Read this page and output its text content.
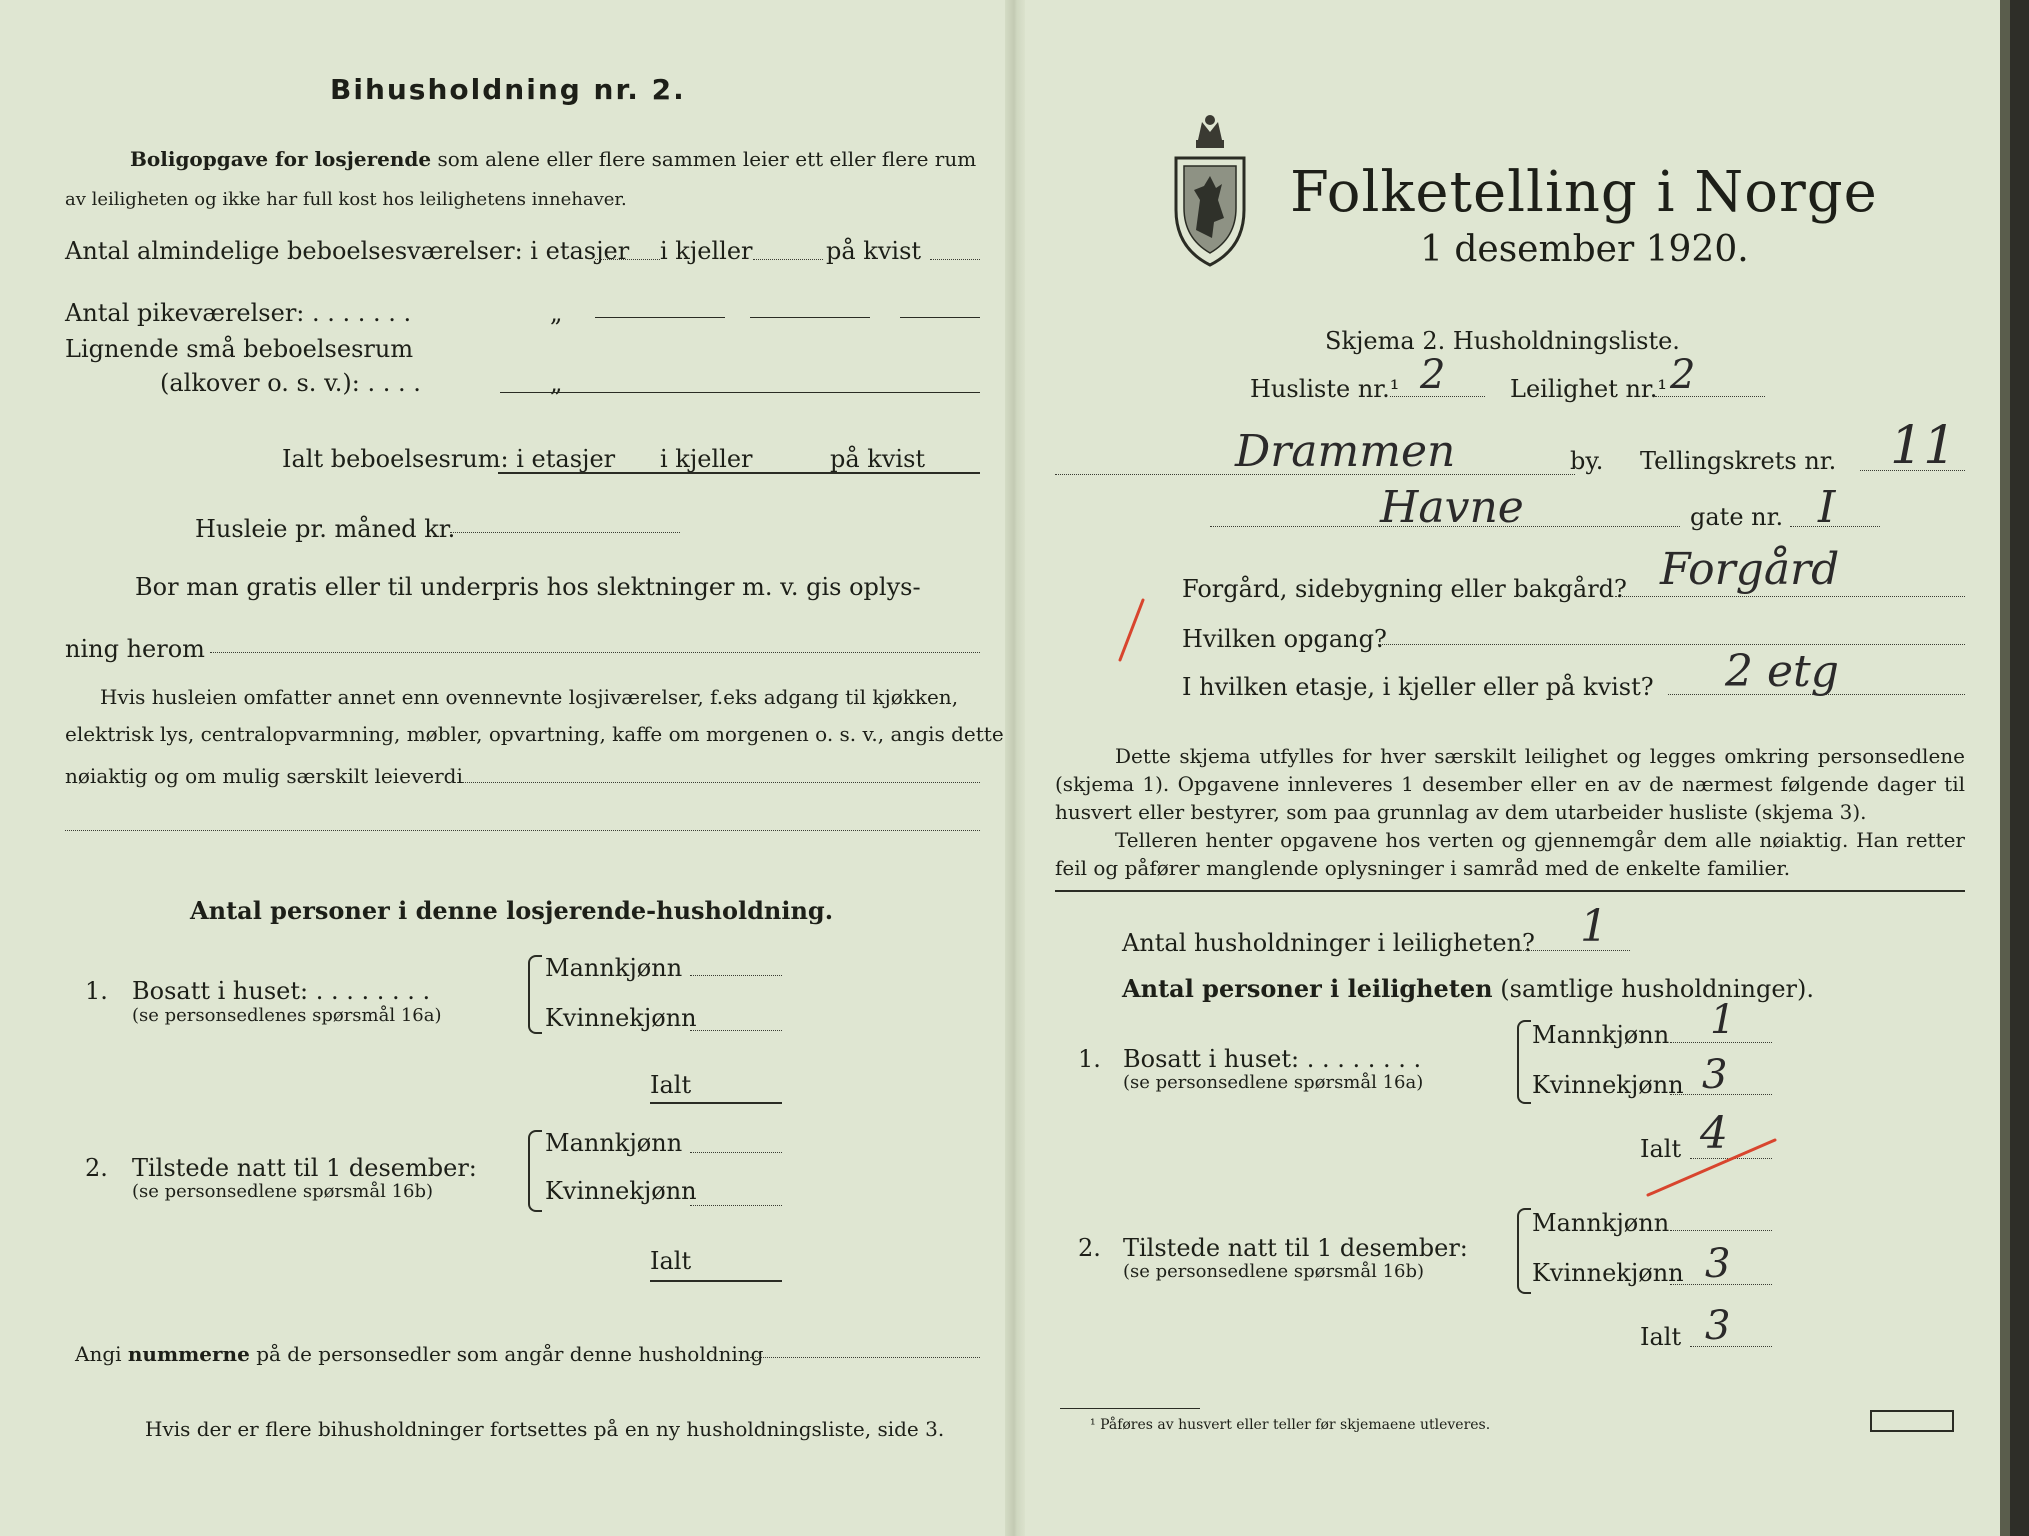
Bihusholdning nr. 2.
Boligopgave for losjerende som alene eller flere sammen leier ett eller flere rum
av leiligheten og ikke har full kost hos leilighetens innehaver.
Antal almindelige beboelsesværelser: i etasjer i kjeller	på kvist
Antal pikeværelser: . . . . . . .	„
Lignende små beboelsesrum
(alkover o. s. v.): . . . .	„
Ialt beboelsesrum: i etasjer i kjeller	på kvist
Husleie pr. måned kr.
Bor man gratis eller til underpris hos slektninger m. v. gis oplys-
ning herom
Hvis husleien omfatter annet enn ovennevnte losjiværelser, f.eks adgang til kjøkken,
elektrisk lys, centralopvarmning, møbler, opvartning, kaffe om morgenen o. s. v., angis dette
nøiaktig og om mulig særskilt leieverdi
Antal personer i denne losjerende-husholdning.
1. Bosatt i huset: . . . . . . . .
(se personsedlenes spørsmål 16a)
Mannkjønn
Kvinnekjønn
Ialt
2. Tilstede natt til 1 desember:
(se personsedlene spørsmål 16b)
Mannkjønn
Kvinnekjønn
Ialt
Angi nummerne på de personsedler som angår denne husholdning
Hvis der er flere bihusholdninger fortsettes på en ny husholdningsliste, side 3.
Folketelling i Norge
1 desember 1920.
Skjema 2. Husholdningsliste.
Husliste nr.¹ 2	Leilighet nr.¹ 2
Drammen	by. Tellingskrets nr. 11
Havne	gate nr. I
Forgård, sidebygning eller bakgård? Forgård
Hvilken opgang?
I hvilken etasje, i kjeller eller på kvist? 2 etg
Dette skjema utfylles for hver særskilt leilighet og legges omkring personsedlene (skjema 1). Opgavene innleveres 1 desember eller en av de nærmest følgende dager til husvert eller bestyrer, som paa grunnlag av dem utarbeider husliste (skjema 3).
Telleren henter opgavene hos verten og gjennemgår dem alle nøiaktig. Han retter feil og påfører manglende oplysninger i samråd med de enkelte familier.
Antal husholdninger i leiligheten? 1
Antal personer i leiligheten (samtlige husholdninger).
1. Bosatt i huset: . . . . . . . .
(se personsedlene spørsmål 16a)
Mannkjønn 1
Kvinnekjønn 3
Ialt 4
2. Tilstede natt til 1 desember:
(se personsedlene spørsmål 16b)
Mannkjønn
Kvinnekjønn 3
Ialt 3
¹ Påføres av husvert eller teller før skjemaene utleveres.
